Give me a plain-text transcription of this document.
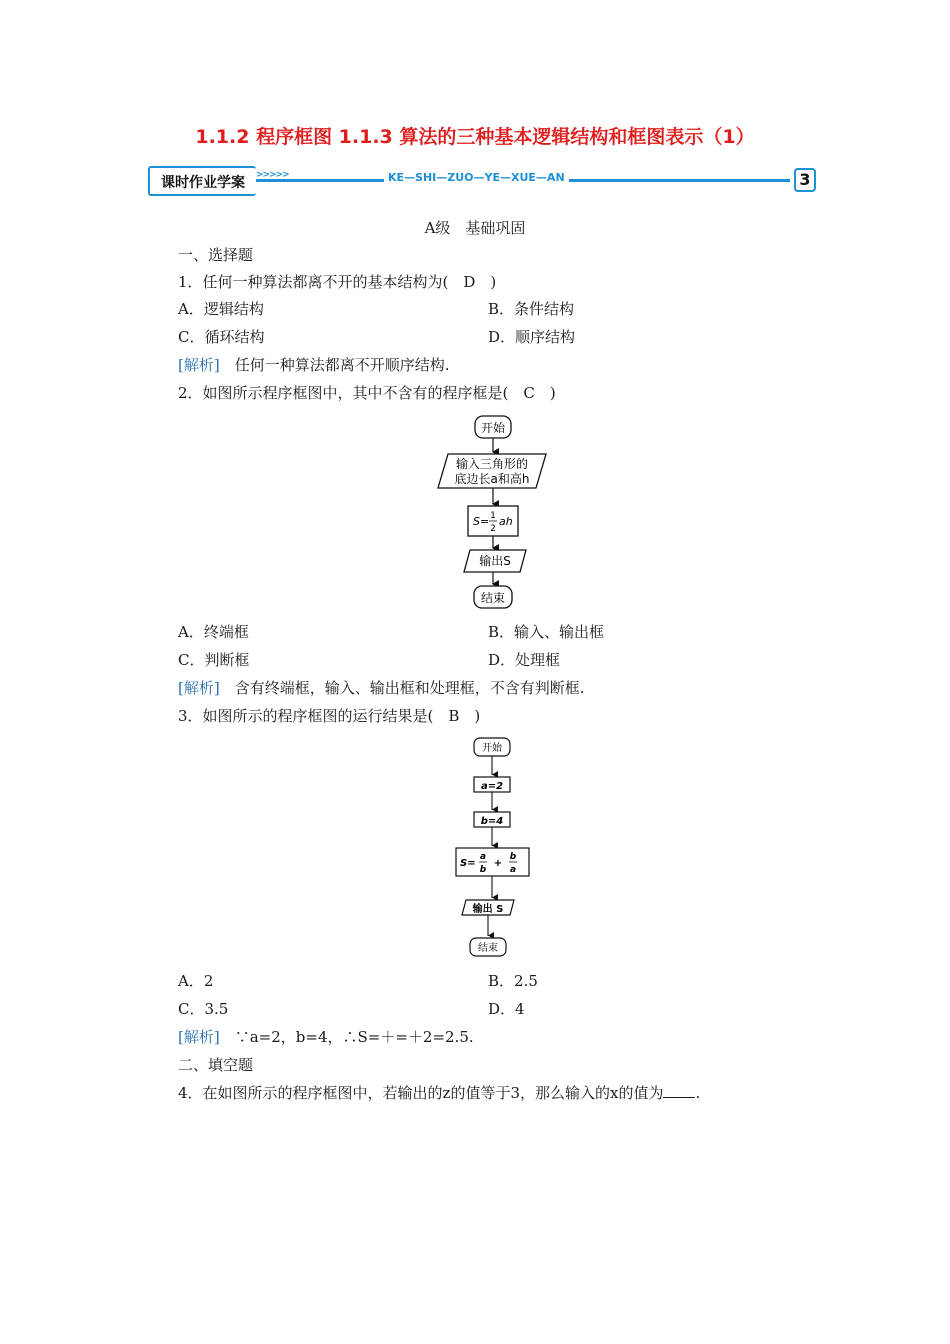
1.1.2 程序框图 1.1.3 算法的三种基本逻辑结构和框图表示（1）
课时作业学案	>>>>>	KE—SHI—ZUO—YE—XUE—AN	3
A级　基础巩固
一、选择题
1．任何一种算法都离不开的基本结构为(　D　)
A．逻辑结构	B．条件结构
C．循环结构	D．顺序结构
[解析]　任何一种算法都离不开顺序结构.
2．如图所示程序框图中，其中不含有的程序框是(　C　)
开始
输入三角形的
底边长a和高h
S= 1
2
ah
输出S
结束
A．终端框	B．输入、输出框
C．判断框	D．处理框
[解析]　含有终端框，输入、输出框和处理框，不含有判断框.
3．如图所示的程序框图的运行结果是(　B　)
开始
a=2
b=4
S=
a
b
+
b
a
输出 S
结束
A．2	B．2.5
C．3.5	D．4
[解析]　∵a=2，b=4，∴S=＋=＋2=2.5.
二、填空题
4．在如图所示的程序框图中，若输出的z的值等于3，那么输入的x的值为 .
